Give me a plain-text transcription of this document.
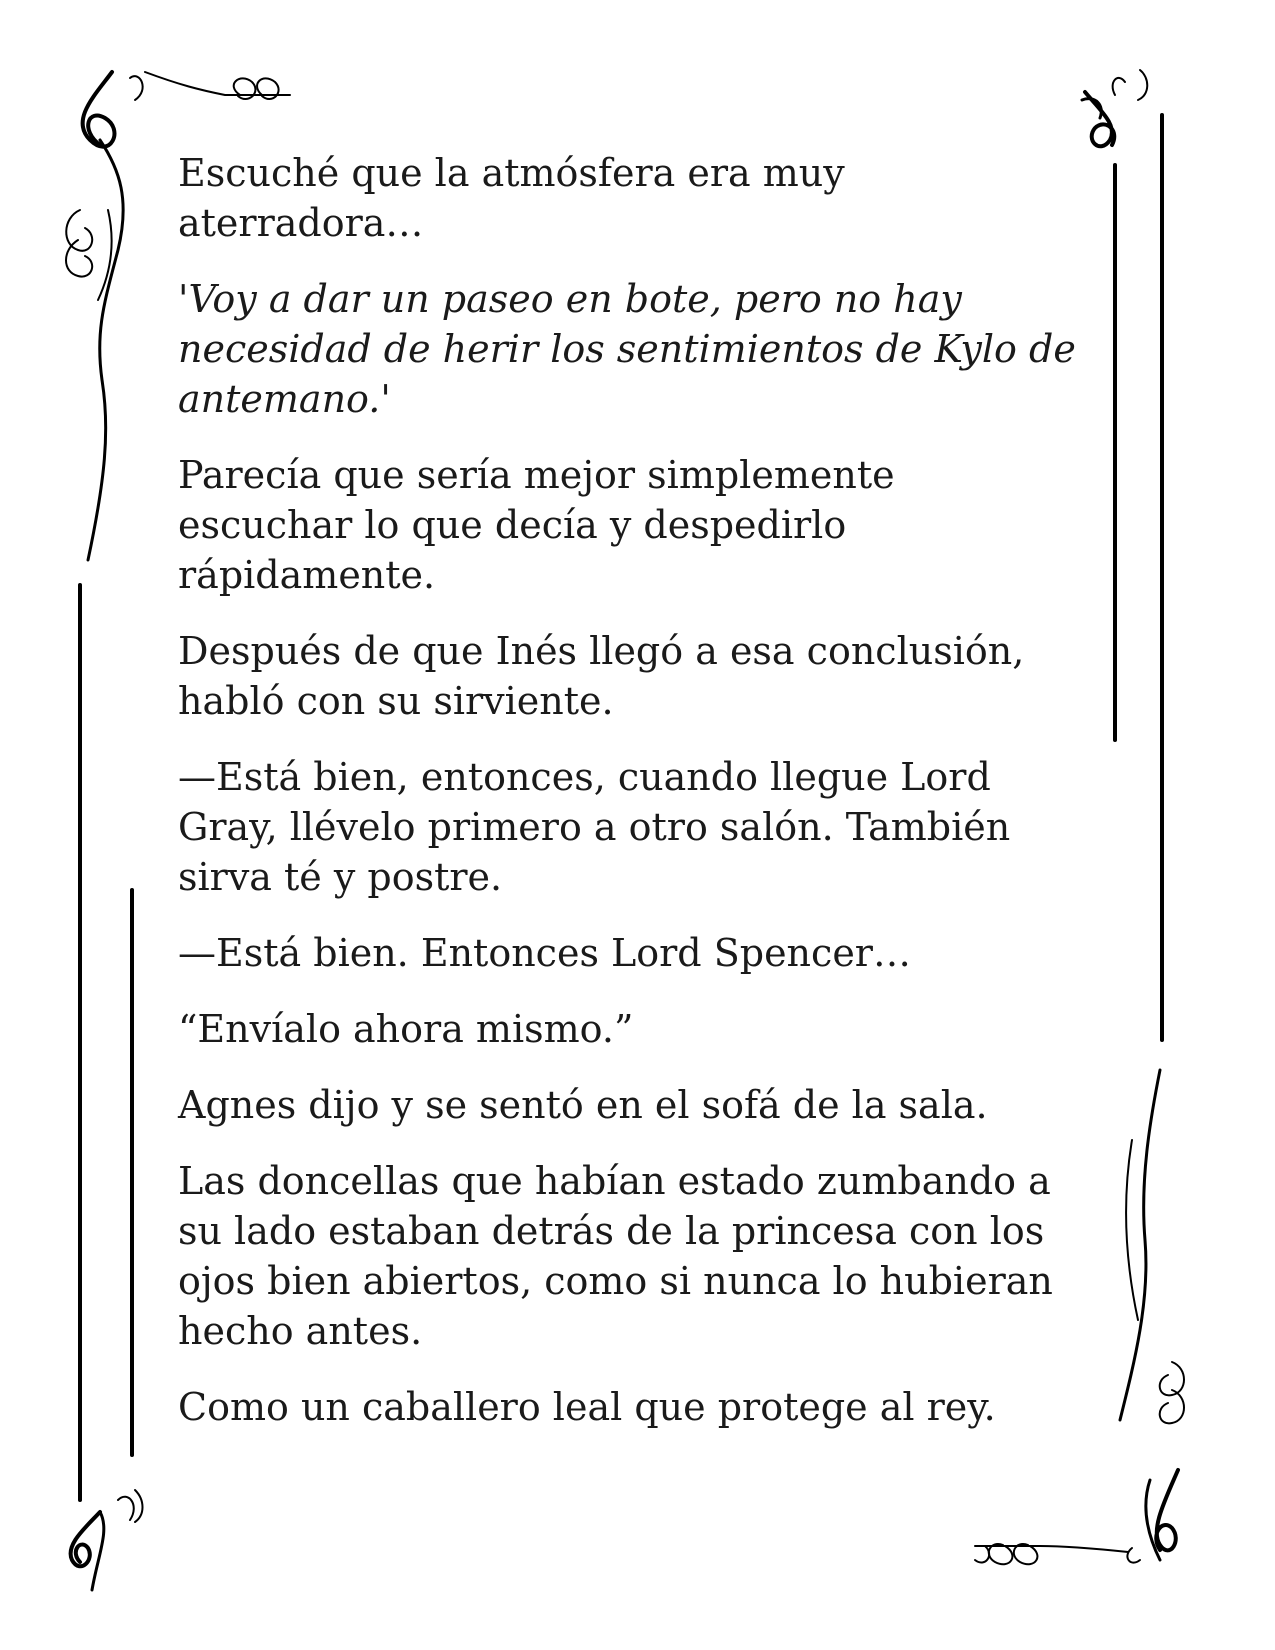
Escuché que la atmósfera era muy aterradora…

'Voy a dar un paseo en bote, pero no hay necesidad de herir los sentimientos de Kylo de antemano.'

Parecía que sería mejor simplemente escuchar lo que decía y despedirlo rápidamente.

Después de que Inés llegó a esa conclusión, habló con su sirviente.

—Está bien, entonces, cuando llegue Lord Gray, llévelo primero a otro salón. También sirva té y postre.

—Está bien. Entonces Lord Spencer…

“Envíalo ahora mismo.”

Agnes dijo y se sentó en el sofá de la sala.

Las doncellas que habían estado zumbando a su lado estaban detrás de la princesa con los ojos bien abiertos, como si nunca lo hubieran hecho antes.

Como un caballero leal que protege al rey.
